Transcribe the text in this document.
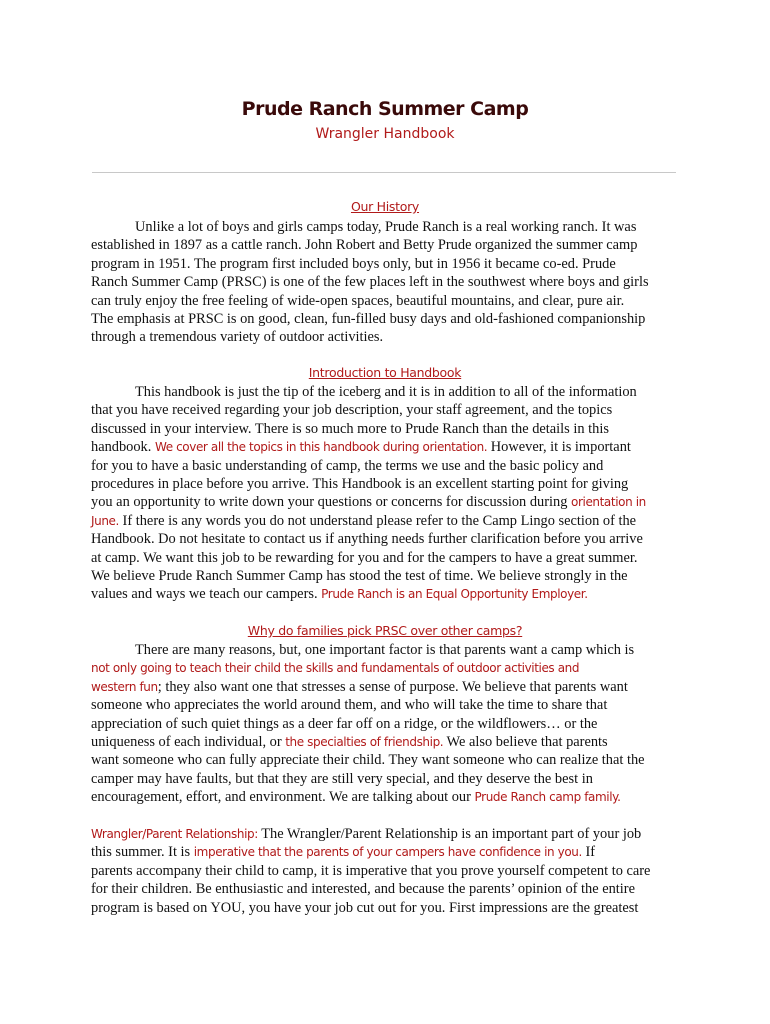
Prude Ranch Summer Camp
Wrangler Handbook
Our History
Unlike a lot of boys and girls camps today, Prude Ranch is a real working ranch. It was
established in 1897 as a cattle ranch. John Robert and Betty Prude organized the summer camp
program in 1951. The program first included boys only, but in 1956 it became co-ed. Prude
Ranch Summer Camp (PRSC) is one of the few places left in the southwest where boys and girls
can truly enjoy the free feeling of wide-open spaces, beautiful mountains, and clear, pure air.
The emphasis at PRSC is on good, clean, fun-filled busy days and old-fashioned companionship
through a tremendous variety of outdoor activities.
Introduction to Handbook
This handbook is just the tip of the iceberg and it is in addition to all of the information
that you have received regarding your job description, your staff agreement, and the topics
discussed in your interview. There is so much more to Prude Ranch than the details in this
handbook. We cover all the topics in this handbook during orientation. However, it is important
for you to have a basic understanding of camp, the terms we use and the basic policy and
procedures in place before you arrive. This Handbook is an excellent starting point for giving
you an opportunity to write down your questions or concerns for discussion during orientation in
June. If there is any words you do not understand please refer to the Camp Lingo section of the
Handbook. Do not hesitate to contact us if anything needs further clarification before you arrive
at camp. We want this job to be rewarding for you and for the campers to have a great summer.
We believe Prude Ranch Summer Camp has stood the test of time. We believe strongly in the
values and ways we teach our campers. Prude Ranch is an Equal Opportunity Employer.
Why do families pick PRSC over other camps?
There are many reasons, but, one important factor is that parents want a camp which is
not only going to teach their child the skills and fundamentals of outdoor activities and
western fun; they also want one that stresses a sense of purpose. We believe that parents want
someone who appreciates the world around them, and who will take the time to share that
appreciation of such quiet things as a deer far off on a ridge, or the wildflowers… or the
uniqueness of each individual, or the specialties of friendship. We also believe that parents
want someone who can fully appreciate their child. They want someone who can realize that the
camper may have faults, but that they are still very special, and they deserve the best in
encouragement, effort, and environment. We are talking about our Prude Ranch camp family.
Wrangler/Parent Relationship: The Wrangler/Parent Relationship is an important part of your job
this summer. It is imperative that the parents of your campers have confidence in you. If
parents accompany their child to camp, it is imperative that you prove yourself competent to care
for their children. Be enthusiastic and interested, and because the parents’ opinion of the entire
program is based on YOU, you have your job cut out for you. First impressions are the greatest
